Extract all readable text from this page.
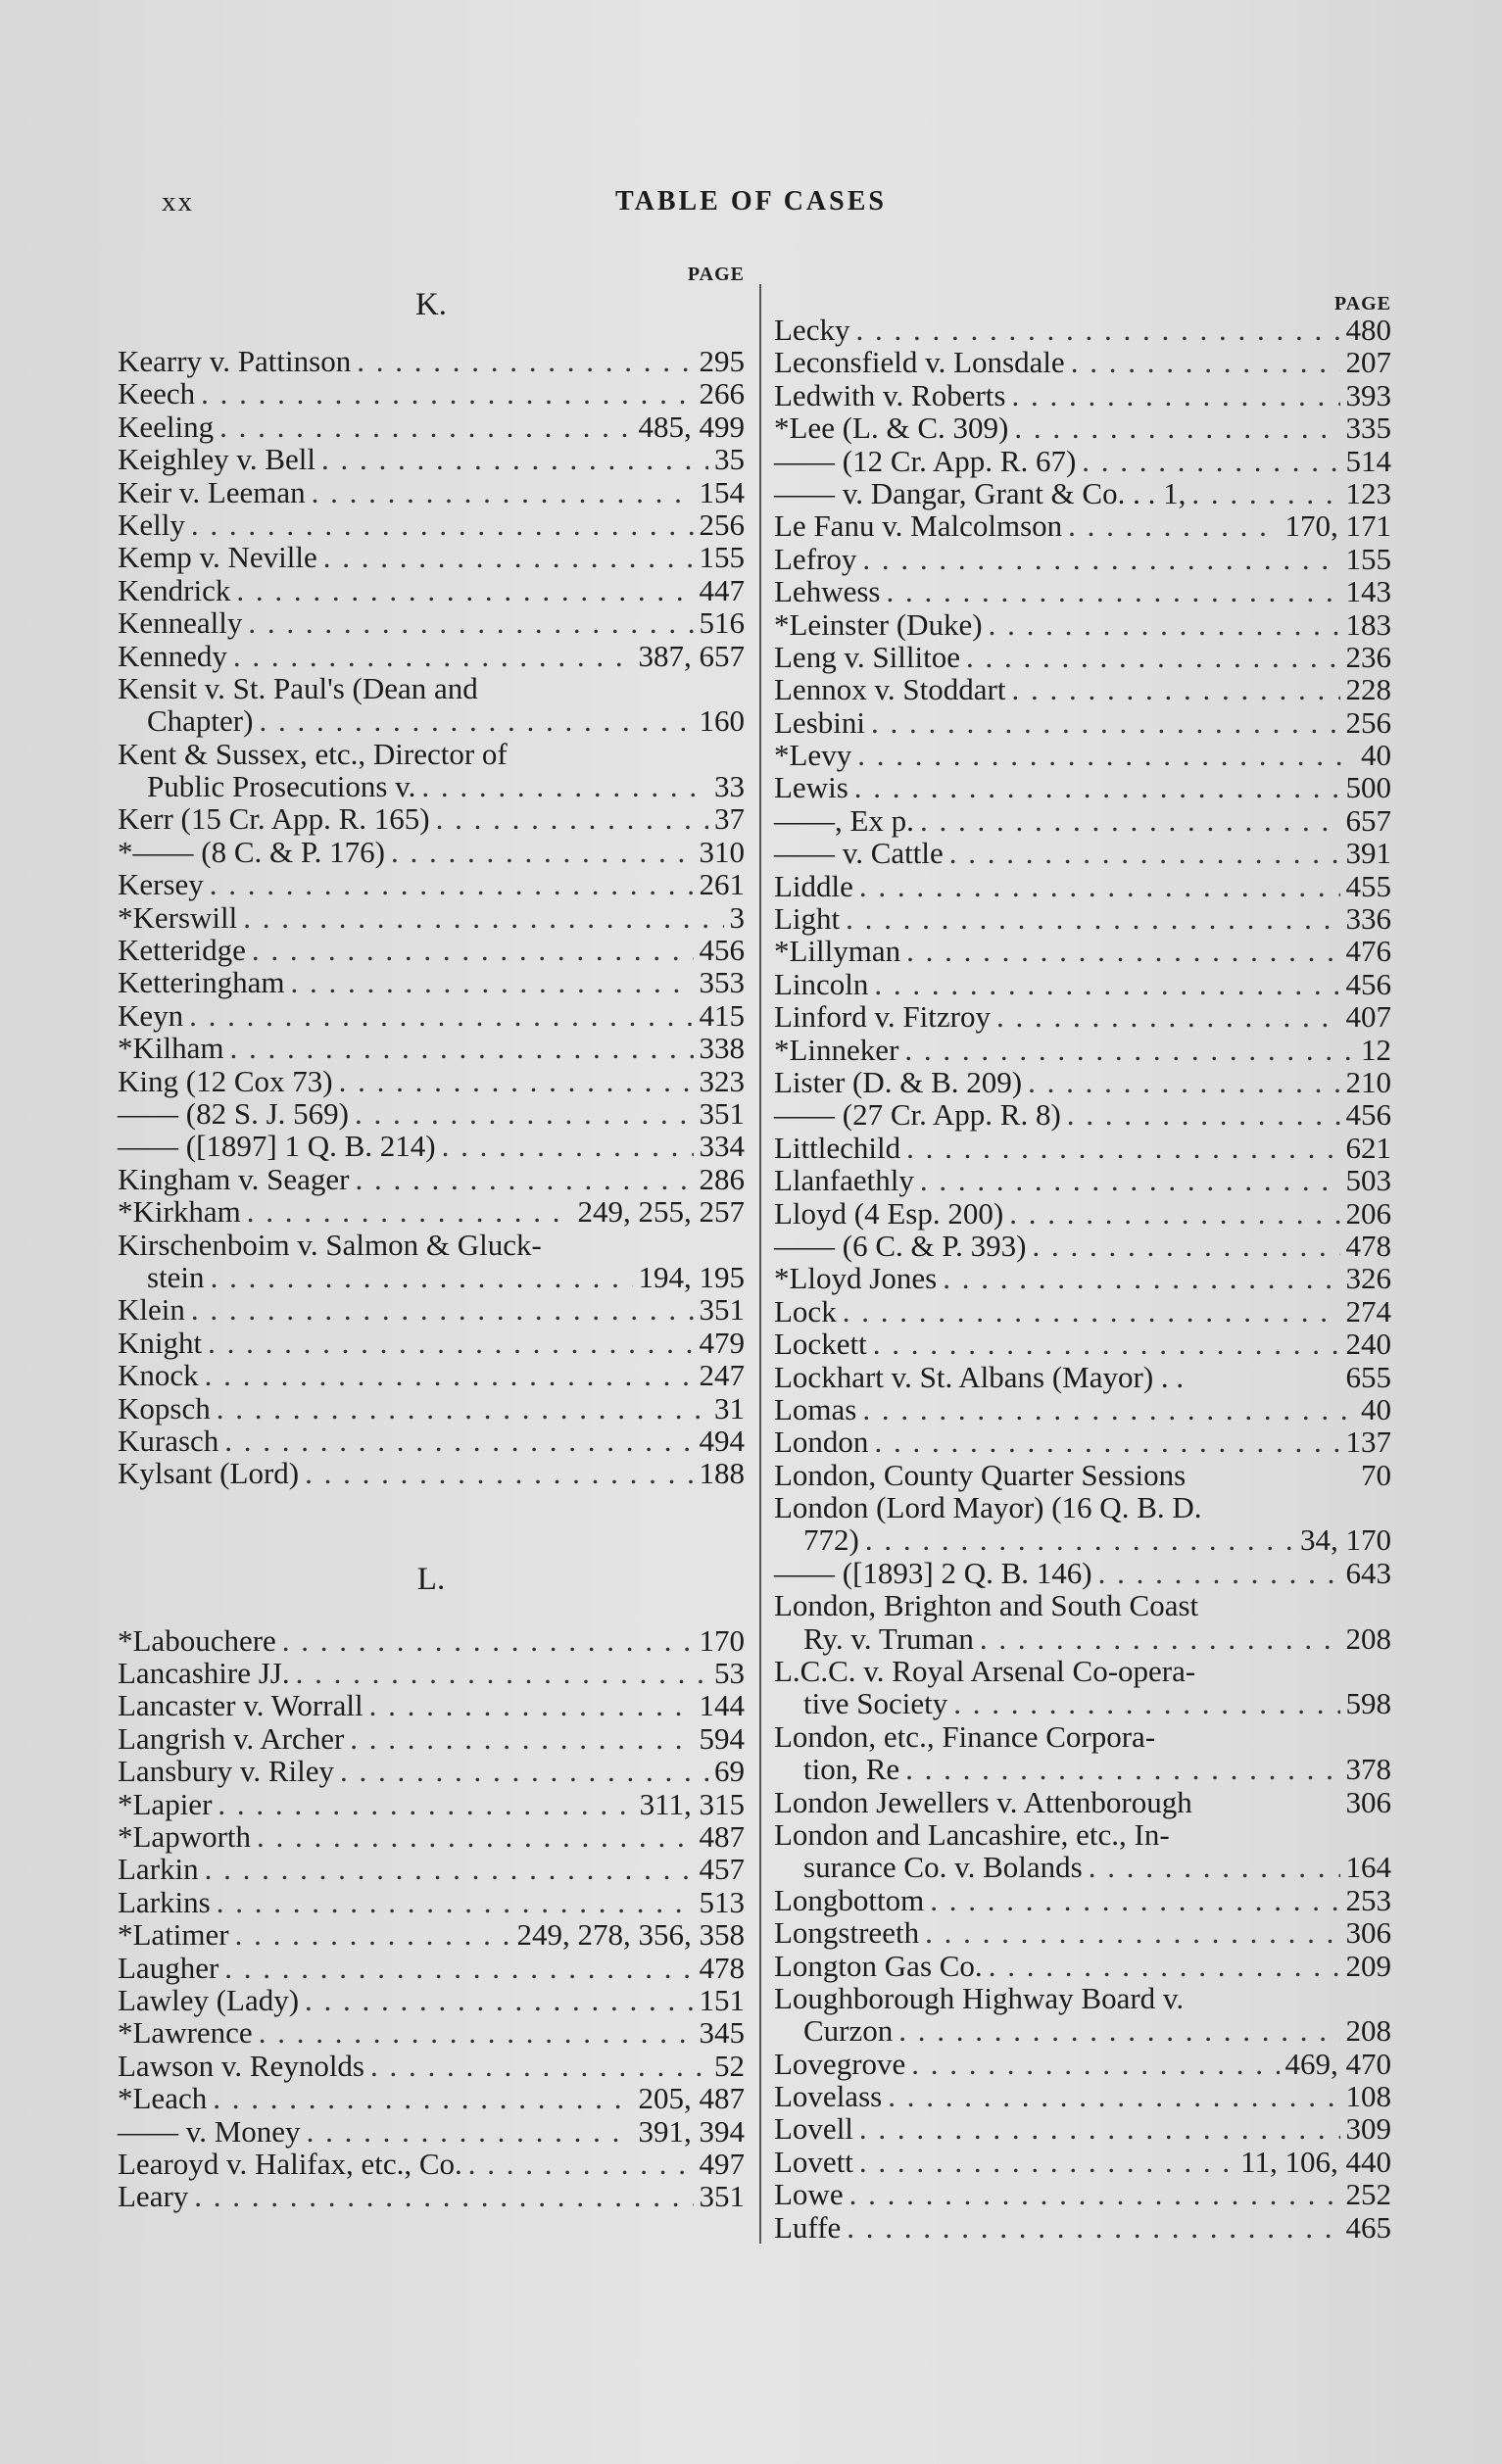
xx	TABLE OF CASES
PAGE
K.
Kearry v. Pattinson . . .	295
Keech . . .	266
Keeling . . .	485, 499
Keighley v. Bell . . .	35
Keir v. Leeman . . .	154
Kelly . . .	256
Kemp v. Neville . . .	155
Kendrick . . .	447
Kenneally . . .	516
Kennedy . . .	387, 657
Kensit v. St. Paul's (Dean and
Chapter) . . .	160
Kent & Sussex, etc., Director of
Public Prosecutions v. . . .	33
Kerr (15 Cr. App. R. 165) . . .	37
*—— (8 C. & P. 176) . . .	310
Kersey . . .	261
*Kerswill . . .	3
Ketteridge . . .	456
Ketteringham . . .	353
Keyn . . .	415
*Kilham . . .	338
King (12 Cox 73) . . .	323
—— (82 S. J. 569) . . .	351
—— ([1897] 1 Q. B. 214) . . .	334
Kingham v. Seager . . .	286
*Kirkham . . .	249, 255, 257
Kirschenboim v. Salmon & Gluck-
stein . . .	194, 195
Klein . . .	351
Knight . . .	479
Knock . . .	247
Kopsch . . .	31
Kurasch . . .	494
Kylsant (Lord) . . .	188
L.
*Labouchere . . .	170
Lancashire JJ. . . .	53
Lancaster v. Worrall . . .	144
Langrish v. Archer . . .	594
Lansbury v. Riley . . .	69
*Lapier . . .	311, 315
*Lapworth . . .	487
Larkin . . .	457
Larkins . . .	513
*Latimer . . .	249, 278, 356, 358
Laugher . . .	478
Lawley (Lady) . . .	151
*Lawrence . . .	345
Lawson v. Reynolds . . .	52
*Leach . . .	205, 487
—— v. Money . . .	391, 394
Learoyd v. Halifax, etc., Co. . . .	497
Leary . . .	351
PAGE
Lecky . . .	480
Leconsfield v. Lonsdale . . .	207
Ledwith v. Roberts . . .	393
*Lee (L. & C. 309) . . .	335
—— (12 Cr. App. R. 67) . . .	514
—— v. Dangar, Grant & Co. . . 1, . . .	123
Le Fanu v. Malcolmson . . .	170, 171
Lefroy . . .	155
Lehwess . . .	143
*Leinster (Duke) . . .	183
Leng v. Sillitoe . . .	236
Lennox v. Stoddart . . .	228
Lesbini . . .	256
*Levy . . .	40
Lewis . . .	500
——, Ex p. . . .	657
—— v. Cattle . . .	391
Liddle . . .	455
Light . . .	336
*Lillyman . . .	476
Lincoln . . .	456
Linford v. Fitzroy . . .	407
*Linneker . . .	12
Lister (D. & B. 209) . . .	210
—— (27 Cr. App. R. 8) . . .	456
Littlechild . . .	621
Llanfaethly . . .	503
Lloyd (4 Esp. 200) . . .	206
—— (6 C. & P. 393) . . .	478
*Lloyd Jones . . .	326
Lock . . .	274
Lockett . . .	240
Lockhart v. St. Albans (Mayor) . .	655
Lomas . . .	40
London . . .	137
London, County Quarter Sessions	70
London (Lord Mayor) (16 Q. B. D.
772) . . .	34, 170
—— ([1893] 2 Q. B. 146) . . .	643
London, Brighton and South Coast
Ry. v. Truman . . .	208
L.C.C. v. Royal Arsenal Co-opera-
tive Society . . .	598
London, etc., Finance Corpora-
tion, Re . . .	378
London Jewellers v. Attenborough	306
London and Lancashire, etc., In-
surance Co. v. Bolands . . .	164
Longbottom . . .	253
Longstreeth . . .	306
Longton Gas Co. . . .	209
Loughborough Highway Board v.
Curzon . . .	208
Lovegrove . . .	469, 470
Lovelass . . .	108
Lovell . . .	309
Lovett . . .	11, 106, 440
Lowe . . .	252
Luffe . . .	465
